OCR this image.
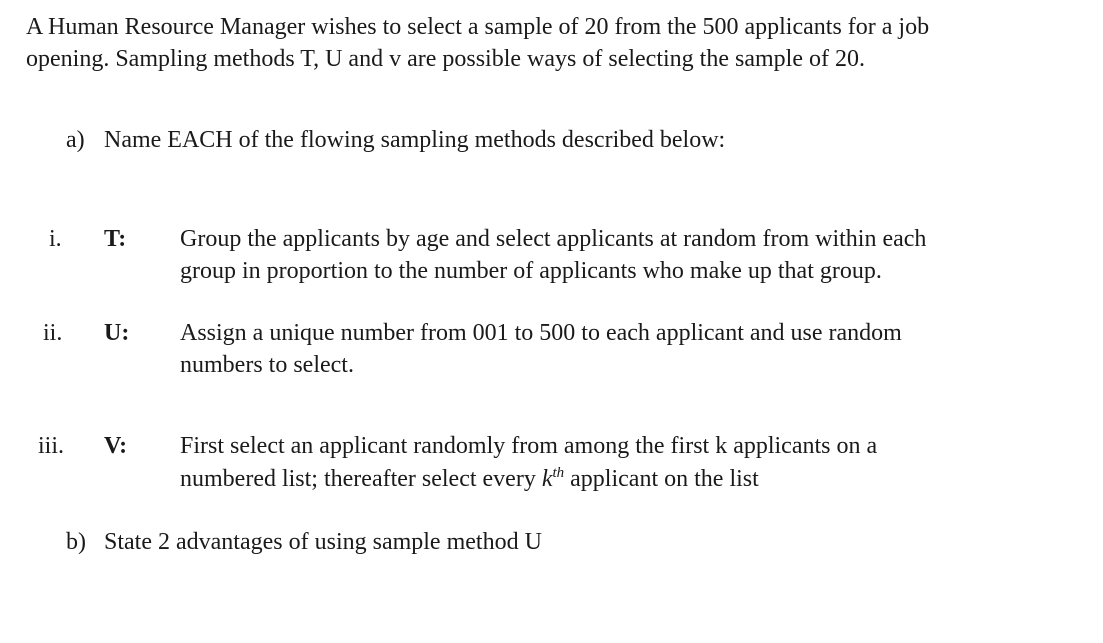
A Human Resource Manager wishes to select a sample of 20 from the 500 applicants for a job
opening. Sampling methods T, U and v are possible ways of selecting the sample of 20.
a) Name EACH of the flowing sampling methods described below:
i. T: Group the applicants by age and select applicants at random from within each
group in proportion to the number of applicants who make up that group.
ii. U: Assign a unique number from 001 to 500 to each applicant and use random
numbers to select.
iii. V: First select an applicant randomly from among the first k applicants on a
numbered list; thereafter select every $k^{th}$ applicant on the list
b) State 2 advantages of using sample method U
